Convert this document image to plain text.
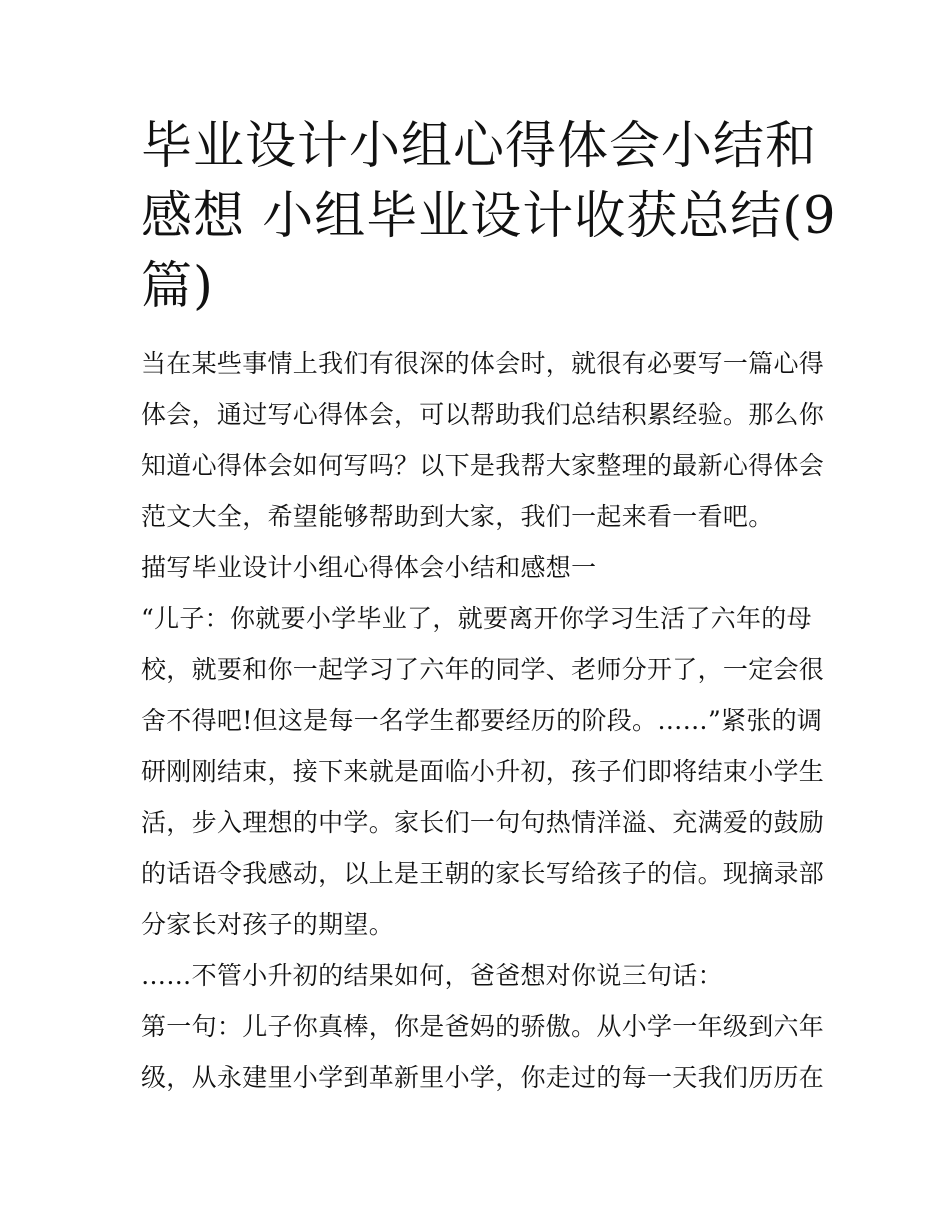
毕业设计小组心得体会小结和
感想 小组毕业设计收获总结(9
篇)
当在某些事情上我们有很深的体会时，就很有必要写一篇心得
体会，通过写心得体会，可以帮助我们总结积累经验。那么你
知道心得体会如何写吗？以下是我帮大家整理的最新心得体会
范文大全，希望能够帮助到大家，我们一起来看一看吧。
描写毕业设计小组心得体会小结和感想一
“儿子：你就要小学毕业了，就要离开你学习生活了六年的母
校，就要和你一起学习了六年的同学、老师分开了，一定会很
舍不得吧!但这是每一名学生都要经历的阶段。……”紧张的调
研刚刚结束，接下来就是面临小升初，孩子们即将结束小学生
活，步入理想的中学。家长们一句句热情洋溢、充满爱的鼓励
的话语令我感动，以上是王朝的家长写给孩子的信。现摘录部
分家长对孩子的期望。
……不管小升初的结果如何，爸爸想对你说三句话：
第一句：儿子你真棒，你是爸妈的骄傲。从小学一年级到六年
级，从永建里小学到革新里小学，你走过的每一天我们历历在
